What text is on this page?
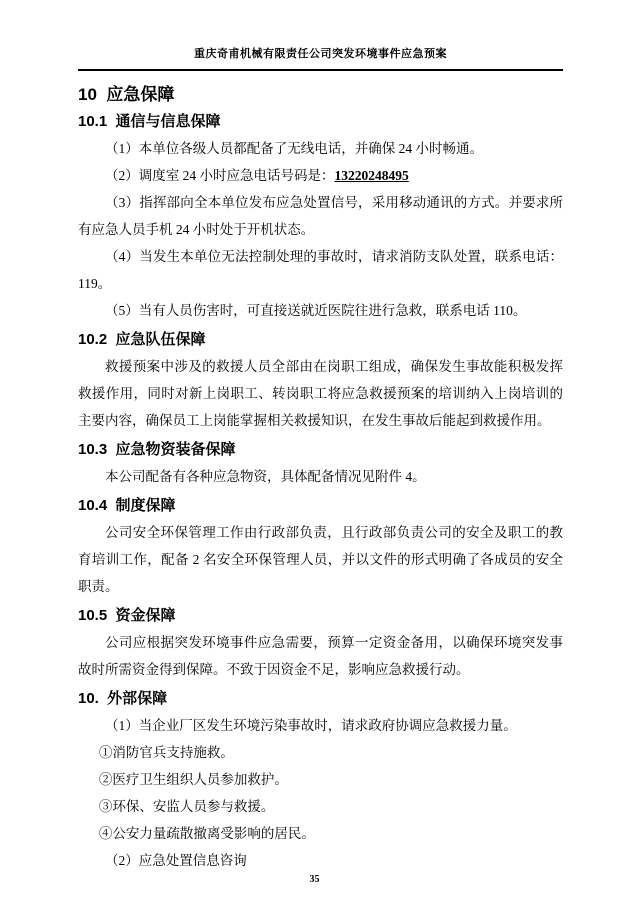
重庆奇甫机械有限责任公司突发环境事件应急预案
10  应急保障
10.1  通信与信息保障

（1）本单位各级人员都配备了无线电话，并确保 24 小时畅通。

（2）调度室 24 小时应急电话号码是：13220248495

（3）指挥部向全本单位发布应急处置信号，采用移动通讯的方式。并要求所有应急人员手机 24 小时处于开机状态。

（4）当发生本单位无法控制处理的事故时，请求消防支队处置，联系电话：119。

（5）当有人员伤害时，可直接送就近医院往进行急救，联系电话 110。

10.2  应急队伍保障

救援预案中涉及的救援人员全部由在岗职工组成，确保发生事故能积极发挥救援作用，同时对新上岗职工、转岗职工将应急救援预案的培训纳入上岗培训的主要内容，确保员工上岗能掌握相关救援知识，在发生事故后能起到救援作用。

10.3  应急物资装备保障

本公司配备有各种应急物资，具体配备情况见附件 4。

10.4  制度保障

公司安全环保管理工作由行政部负责，且行政部负责公司的安全及职工的教育培训工作，配备 2 名安全环保管理人员，并以文件的形式明确了各成员的安全职责。

10.5  资金保障

公司应根据突发环境事件应急需要，预算一定资金备用，以确保环境突发事故时所需资金得到保障。不致于因资金不足，影响应急救援行动。

10.  外部保障

（1）当企业厂区发生环境污染事故时，请求政府协调应急救援力量。

①消防官兵支持施救。

②医疗卫生组织人员参加救护。

③环保、安监人员参与救援。

④公安力量疏散撤离受影响的居民。

（2）应急处置信息咨询

35
